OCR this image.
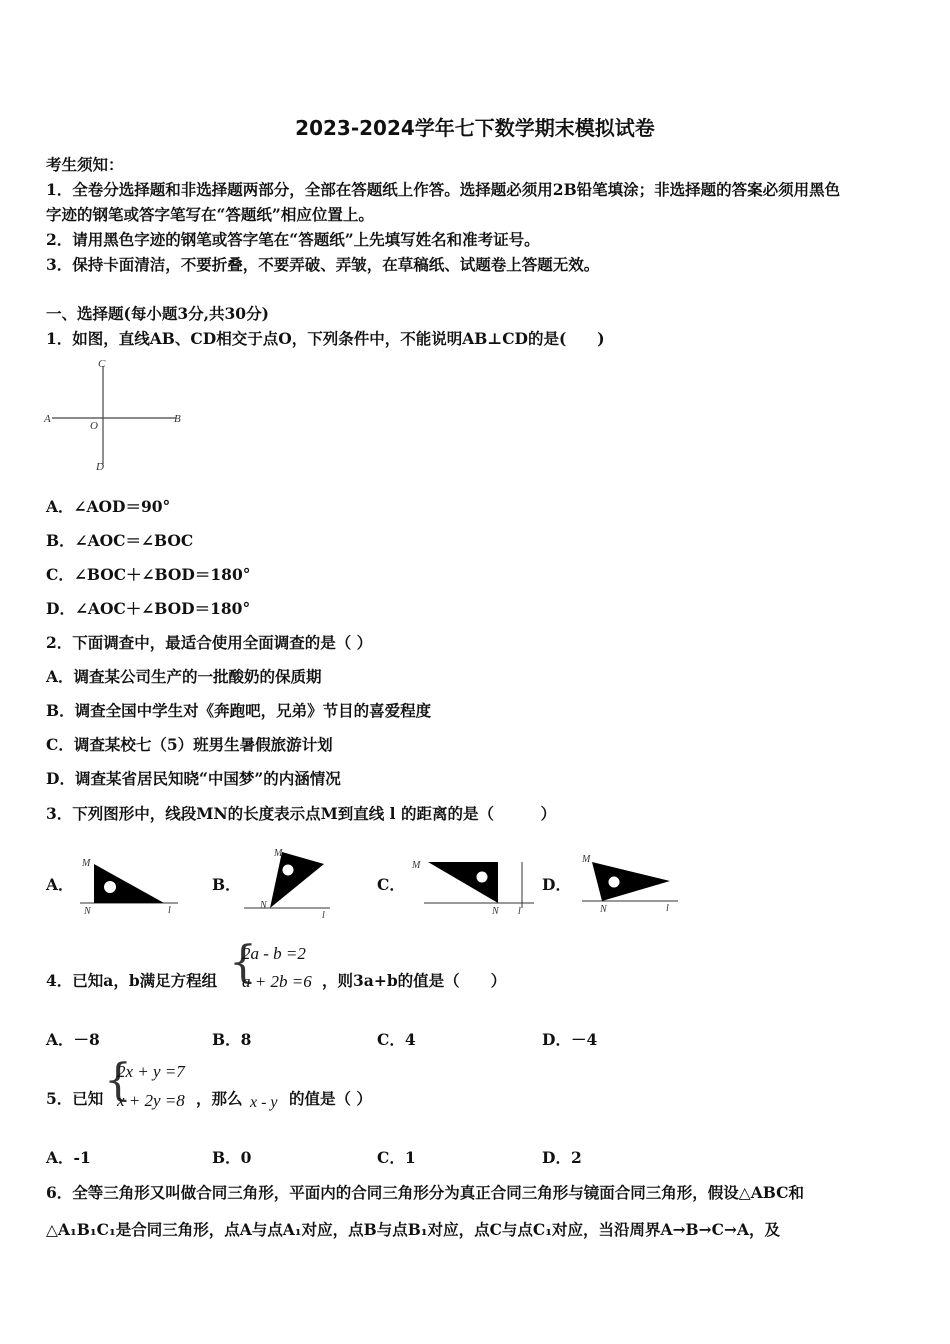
2023-2024学年七下数学期末模拟试卷
考生须知：
1．全卷分选择题和非选择题两部分，全部在答题纸上作答。选择题必须用2B铅笔填涂；非选择题的答案必须用黑色
字迹的钢笔或答字笔写在“答题纸”相应位置上。
2．请用黑色字迹的钢笔或答字笔在“答题纸”上先填写姓名和准考证号。
3．保持卡面清洁，不要折叠，不要弄破、弄皱，在草稿纸、试题卷上答题无效。
一、选择题(每小题3分,共30分)
1．如图，直线AB、CD相交于点O，下列条件中，不能说明AB⊥CD的是(　　)
C
A	B
O
D
A．∠AOD＝90°
B．∠AOC＝∠BOC
C．∠BOC＋∠BOD＝180°
D．∠AOC＋∠BOD＝180°
2．下面调查中，最适合使用全面调查的是（ ）
A．调查某公司生产的一批酸奶的保质期
B．调查全国中学生对《奔跑吧，兄弟》节目的喜爱程度
C．调查某校七（5）班男生暑假旅游计划
D．调查某省居民知晓“中国梦”的内涵情况
3．下列图形中，线段MN的长度表示点M到直线 l 的距离的是（　　　）
A．
M
N	l
B．
M
N
l
C．
M
N l
D．
M
N	l
4．已知a，b满足方程组 {
2a - b =2
a + 2b =6 ，则3a+b的值是（　　）
A．－8	B．8	C．4	D．－4
5．已知 {
2x + y =7
x + 2y =8 ，那么 x - y 的值是（ ）
A．-1	B．0	C．1	D．2
6．全等三角形又叫做合同三角形，平面内的合同三角形分为真正合同三角形与镜面合同三角形，假设△ABC和
△A₁B₁C₁是合同三角形，点A与点A₁对应，点B与点B₁对应，点C与点C₁对应，当沿周界A→B→C→A，及
